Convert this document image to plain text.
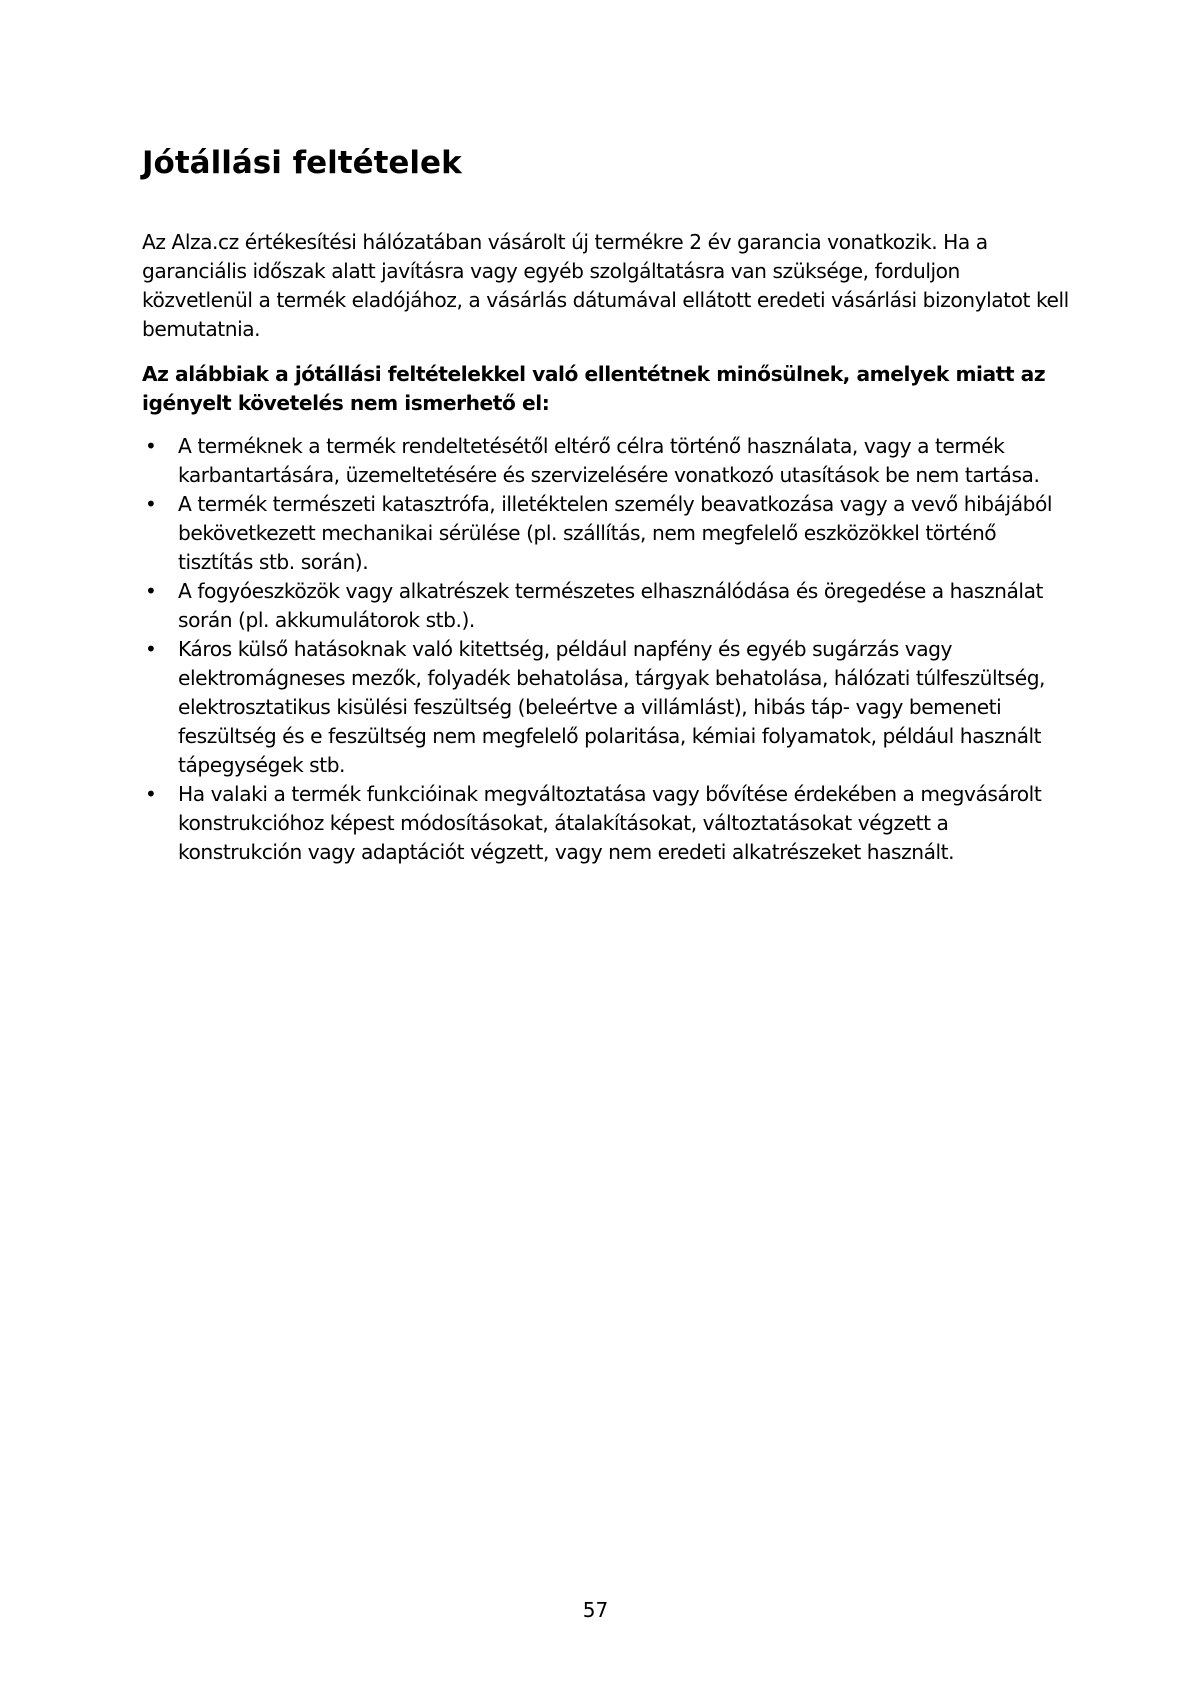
Jótállási feltételek

Az Alza.cz értékesítési hálózatában vásárolt új termékre 2 év garancia vonatkozik. Ha a garanciális időszak alatt javításra vagy egyéb szolgáltatásra van szüksége, forduljon közvetlenül a termék eladójához, a vásárlás dátumával ellátott eredeti vásárlási bizonylatot kell bemutatnia.

Az alábbiak a jótállási feltételekkel való ellentétnek minősülnek, amelyek miatt az igényelt követelés nem ismerhető el:

• A terméknek a termék rendeltetésétől eltérő célra történő használata, vagy a termék karbantartására, üzemeltetésére és szervizelésére vonatkozó utasítások be nem tartása.
• A termék természeti katasztrófa, illetéktelen személy beavatkozása vagy a vevő hibájából bekövetkezett mechanikai sérülése (pl. szállítás, nem megfelelő eszközökkel történő tisztítás stb. során).
• A fogyóeszközök vagy alkatrészek természetes elhasználódása és öregedése a használat során (pl. akkumulátorok stb.).
• Káros külső hatásoknak való kitettség, például napfény és egyéb sugárzás vagy elektromágneses mezők, folyadék behatolása, tárgyak behatolása, hálózati túlfeszültség, elektrosztatikus kisülési feszültség (beleértve a villámlást), hibás táp- vagy bemeneti feszültség és e feszültség nem megfelelő polaritása, kémiai folyamatok, például használt tápegységek stb.
• Ha valaki a termék funkcióinak megváltoztatása vagy bővítése érdekében a megvásárolt konstrukcióhoz képest módosításokat, átalakításokat, változtatásokat végzett a konstrukción vagy adaptációt végzett, vagy nem eredeti alkatrészeket használt.
57
